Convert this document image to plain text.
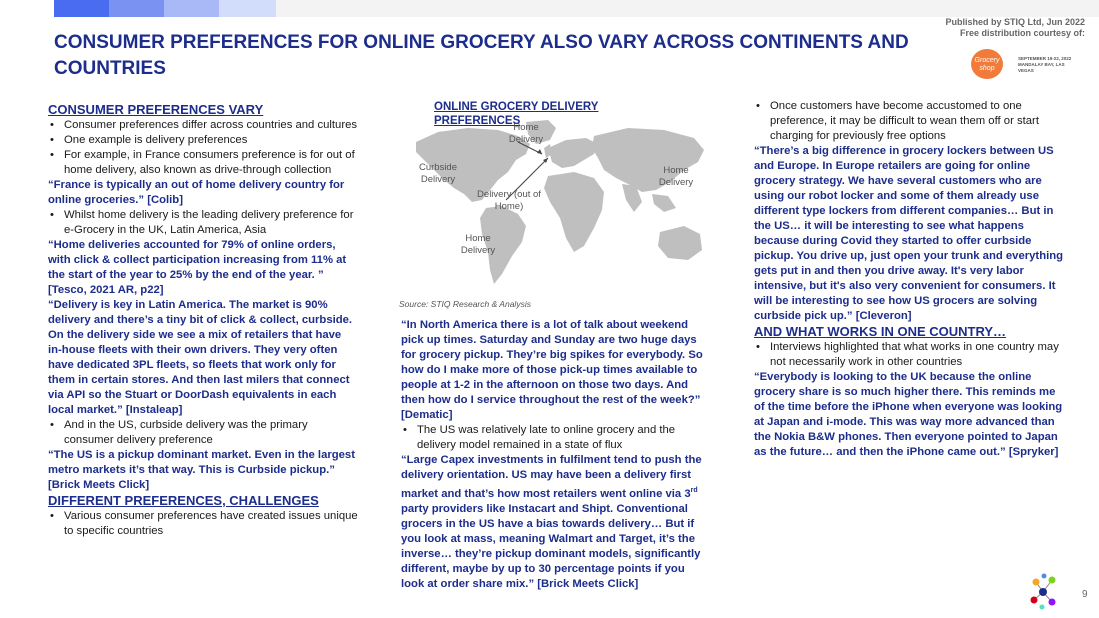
CONSUMER PREFERENCES FOR ONLINE GROCERY ALSO VARY ACROSS CONTINENTS AND COUNTRIES
Published by STIQ Ltd, Jun 2022
Free distribution courtesy of:
Grocery
shop
SEPTEMBER 19-22, 2022
MANDALAY BAY, LAS VEGAS
CONSUMER PREFERENCES VARY
• Consumer preferences differ across countries and cultures
• One example is delivery preferences
• For example, in France consumers preference is for out of home delivery, also known as drive-through collection

“France is typically an out of home delivery country for online groceries.” [Colib]

• Whilst home delivery is the leading delivery preference for e-Grocery in the UK, Latin America, Asia

“Home deliveries accounted for 79% of online orders, with click & collect participation increasing from 11% at the start of the year to 25% by the end of the year. ” [Tesco, 2021 AR, p22]

“Delivery is key in Latin America. The market is 90% delivery and there’s a tiny bit of click & collect, curbside. On the delivery side we see a mix of retailers that have in-house fleets with their own drivers. They very often have dedicated 3PL fleets, so fleets that work only for them in certain stores. And then last milers that connect via API so the Stuart or DoorDash equivalents in each local market.” [Instaleap]

• And in the US, curbside delivery was the primary consumer delivery preference

“The US is a pickup dominant market. Even in the largest metro markets it’s that way. This is Curbside pickup.” [Brick Meets Click]

DIFFERENT PREFERENCES, CHALLENGES
• Various consumer preferences have created issues unique to specific countries
ONLINE GROCERY DELIVERY PREFERENCES
Home Delivery
Curbside Delivery
Delivery (out of Home)
Home Delivery
Home Delivery
Source: STIQ Research & Analysis

“In North America there is a lot of talk about weekend pick up times. Saturday and Sunday are two huge days for grocery pickup. They’re big spikes for everybody. So how do I make more of those pick-up times available to people at 1-2 in the afternoon on those two days. And then how do I service throughout the rest of the week?” [Dematic]

• The US was relatively late to online grocery and the delivery model remained in a state of flux

“Large Capex investments in fulfilment tend to push the delivery orientation. US may have been a delivery first market and that’s how most retailers went online via 3rd party providers like Instacart and Shipt. Conventional grocers in the US have a bias towards delivery… But if you look at mass, meaning Walmart and Target, it’s the inverse… they’re pickup dominant models, significantly different, maybe by up to 30 percentage points if you look at order share mix.” [Brick Meets Click]

• Once customers have become accustomed to one preference, it may be difficult to wean them off or start charging for previously free options

“There’s a big difference in grocery lockers between US and Europe. In Europe retailers are going for online grocery strategy. We have several customers who are using our robot locker and some of them already use different type lockers from different companies… But in the US… it will be interesting to see what happens because during Covid they started to offer curbside pickup. You drive up, just open your trunk and everything gets put in and then you drive away. It's very labor intensive, but it's also very convenient for consumers. It will be interesting to see how US grocers are solving curbside pick up.” [Cleveron]

AND WHAT WORKS IN ONE COUNTRY…
• Interviews highlighted that what works in one country may not necessarily work in other countries

“Everybody is looking to the UK because the online grocery share is so much higher there. This reminds me of the time before the iPhone when everyone was looking at Japan and i-mode. This was way more advanced than the Nokia B&W phones. Then everyone pointed to Japan as the future… and then the iPhone came out.” [Spryker]

9
